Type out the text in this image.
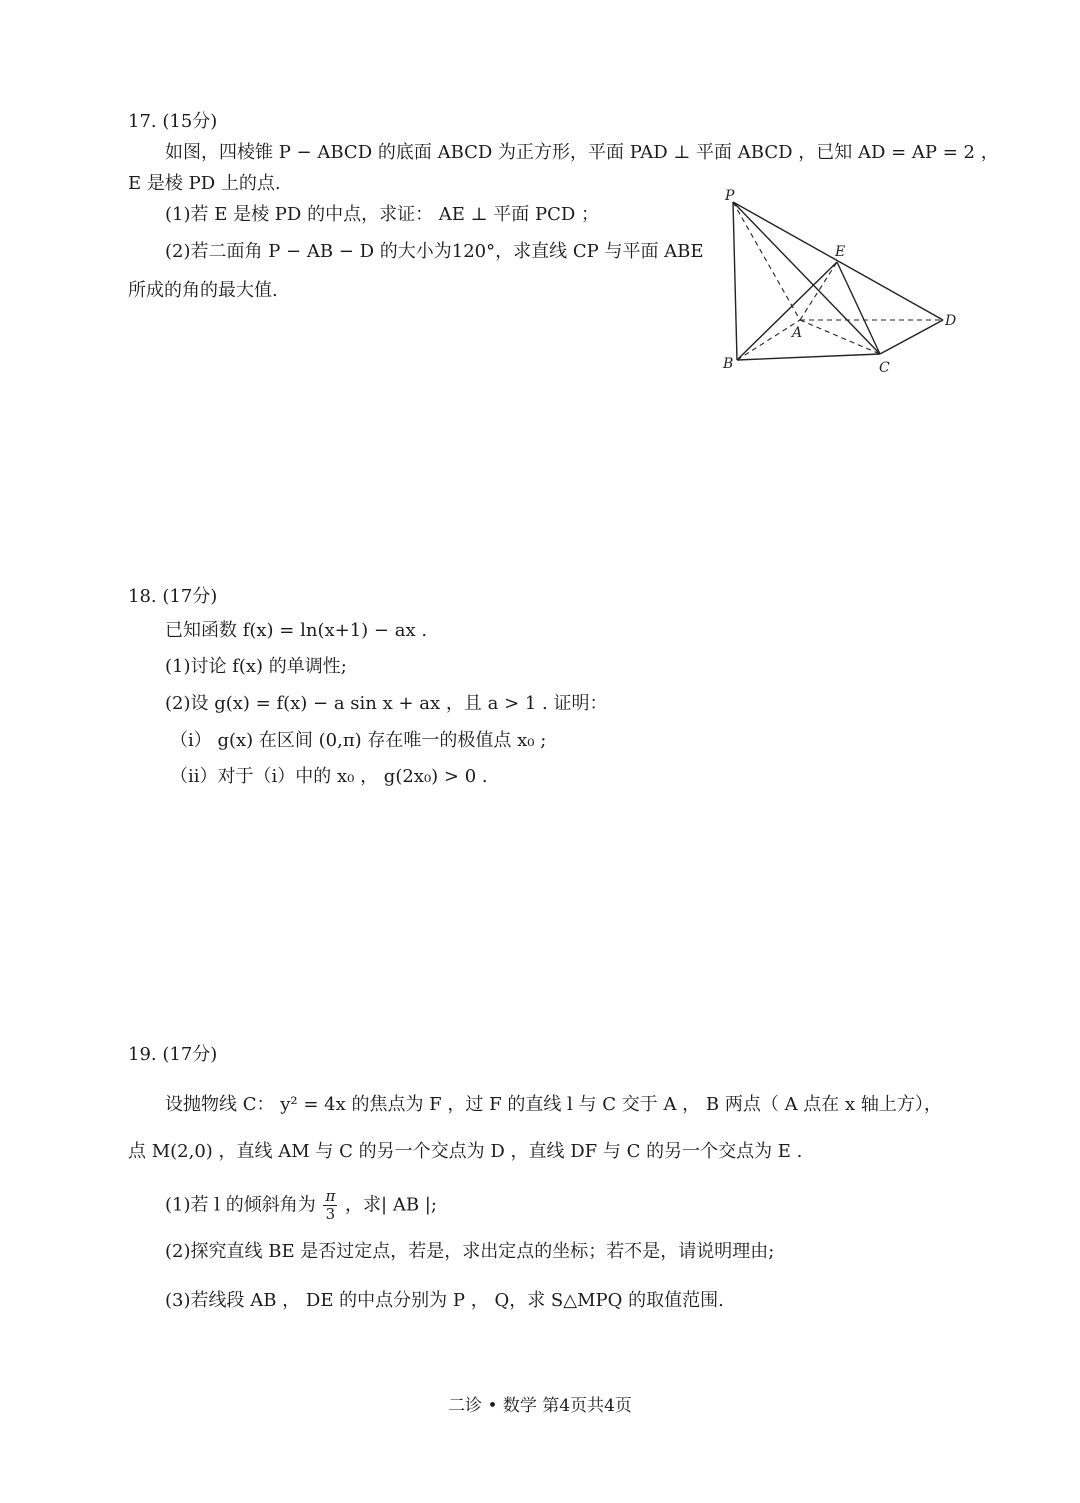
17. (15分)
如图，四棱锥 P − ABCD 的底面 ABCD 为正方形，平面 PAD ⊥ 平面 ABCD ，已知 AD = AP = 2 ，
E 是棱 PD 上的点.
(1)若 E 是棱 PD 的中点，求证： AE ⊥ 平面 PCD ；
(2)若二面角 P − AB − D 的大小为120°，求直线 CP 与平面 ABE
所成的角的最大值.
P
E
A
D
B	C
18. (17分)
已知函数 f(x) = ln(x+1) − ax .
(1)讨论 f(x) 的单调性;
(2)设 g(x) = f(x) − a sin x + ax ，且 a > 1 . 证明：
（i） g(x) 在区间 (0,π) 存在唯一的极值点 x₀ ;
（ii）对于（i）中的 x₀ ， g(2x₀) > 0 .
19. (17分)
设抛物线 C： y² = 4x 的焦点为 F ，过 F 的直线 l 与 C 交于 A ， B 两点（ A 点在 x 轴上方），
点 M(2,0) ，直线 AM 与 C 的另一个交点为 D ，直线 DF 与 C 的另一个交点为 E .
(1)若 l 的倾斜角为 $\frac{\pi}{3}$ ，求| AB |;
(2)探究直线 BE 是否过定点，若是，求出定点的坐标；若不是，请说明理由;
(3)若线段 AB ， DE 的中点分别为 P ， Q，求 S△MPQ 的取值范围.
二诊 • 数学 第4页共4页
